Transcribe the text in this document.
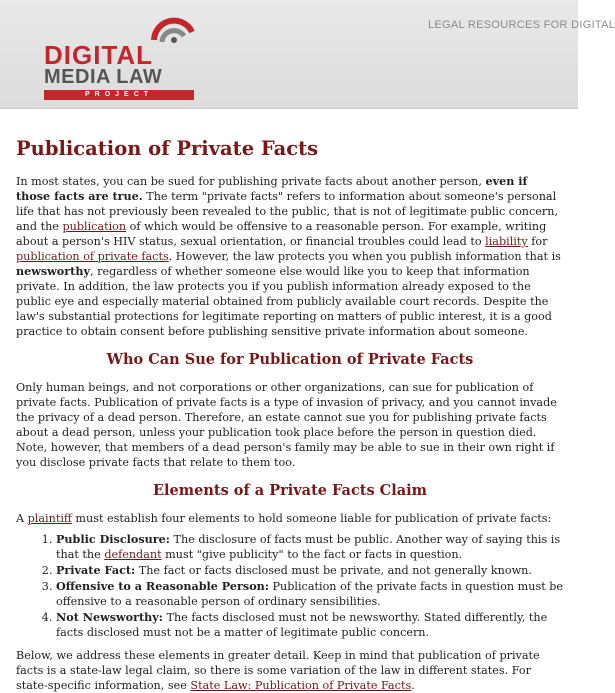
DIGITAL
MEDIA LAW
PROJECT
LEGAL RESOURCES FOR DIGITAL
Publication of Private Facts

In most states, you can be sued for publishing private facts about another person, even if those facts are true. The term "private facts" refers to information about someone's personal life that has not previously been revealed to the public, that is not of legitimate public concern, and the publication of which would be offensive to a reasonable person. For example, writing about a person's HIV status, sexual orientation, or financial troubles could lead to liability for publication of private facts. However, the law protects you when you publish information that is newsworthy, regardless of whether someone else would like you to keep that information private. In addition, the law protects you if you publish information already exposed to the public eye and especially material obtained from publicly available court records. Despite the law's substantial protections for legitimate reporting on matters of public interest, it is a good practice to obtain consent before publishing sensitive private information about someone.

Who Can Sue for Publication of Private Facts

Only human beings, and not corporations or other organizations, can sue for publication of private facts. Publication of private facts is a type of invasion of privacy, and you cannot invade the privacy of a dead person. Therefore, an estate cannot sue you for publishing private facts about a dead person, unless your publication took place before the person in question died. Note, however, that members of a dead person's family may be able to sue in their own right if you disclose private facts that relate to them too.

Elements of a Private Facts Claim

A plaintiff must establish four elements to hold someone liable for publication of private facts:

1. Public Disclosure: The disclosure of facts must be public. Another way of saying this is that the defendant must "give publicity" to the fact or facts in question.
2. Private Fact: The fact or facts disclosed must be private, and not generally known.
3. Offensive to a Reasonable Person: Publication of the private facts in question must be offensive to a reasonable person of ordinary sensibilities.
4. Not Newsworthy: The facts disclosed must not be newsworthy. Stated differently, the facts disclosed must not be a matter of legitimate public concern.

Below, we address these elements in greater detail. Keep in mind that publication of private facts is a state-law legal claim, so there is some variation of the law in different states. For state-specific information, see State Law: Publication of Private Facts.
